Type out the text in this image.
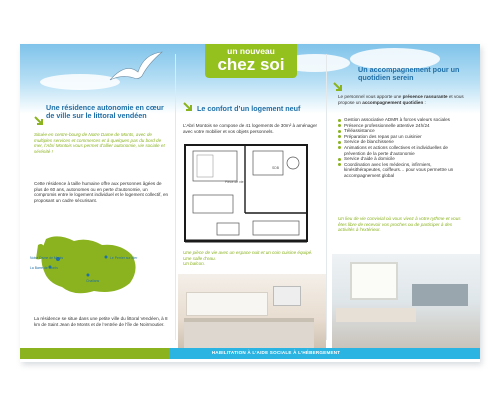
un nouveau
chez soi
Une résidence autonomie en cœur de ville sur le littoral vendéen
Située en centre-bourg de Notre Dame de Monts, avec de multiples services et commerces et à quelques pas du bord de mer, l’Abri Montois vous permet d’allier autonomie, vie sociale et sérénité !
Cette résidence à taille humaine offre aux personnes âgées de plus de 60 ans, autonomes ou en perte d’autonomie, un compromis entre le logement individuel et le logement collectif, en proposant un cadre sécurisant.
Notre Dame de Monts
La Barre de Monts
Le Perrier sur Mer
Challans
La résidence se situe dans une petite ville du littoral Vendéen, à 8 km de Saint Jean de Monts et de l’entrée de l’île de Noirmoutier.
Le confort d’un logement neuf
L’Abri Montois se compose de 41 logements de 30m² à aménager avec votre mobilier et vos objets personnels.
Pièce de vie
SDB
Une pièce de vie avec un espace nuit et un coin cuisine équipé.
Une salle d’eau.
Un balcon.
Un accompagnement pour un quotidien serein
Le personnel vous apporte une présence rassurante et vous propose un accompagnement quotidien :
Gestion associative ADMR à forces valeurs sociales
Présence professionnelle attentive 24h/24
Téléassistance
Préparation des repas par un cuisinier
Service de blanchisserie
Animations et actions collectives et individuelles de prévention de la perte d’autonomie
Service d’aide à domicile
Coordination avec les médecins, infirmiers, kinésithérapeutes, coiffeurs… pour vous permettre un accompagnement global
Un lieu de vie convivial où vous vivez à votre rythme et vous êtes libre de recevoir vos proches ou de participer à des activités à l’extérieur.
HABILITATION À L’AIDE SOCIALE À L’HÉBERGEMENT
